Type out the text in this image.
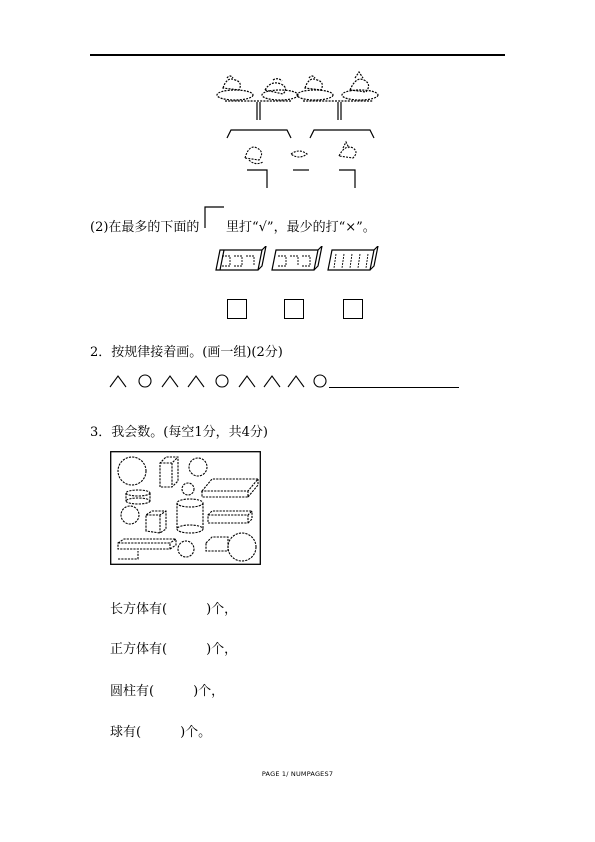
(2)在最多的下面的 里打“√”，最少的打“×”。
2．按规律接着画。(画一组)(2分)
3．我会数。(每空1分，共4分)
长方体有(　　　)个，
正方体有(　　　)个，
圆柱有(　　　)个，
球有(　　　)个。
PAGE 1/ NUMPAGES7
